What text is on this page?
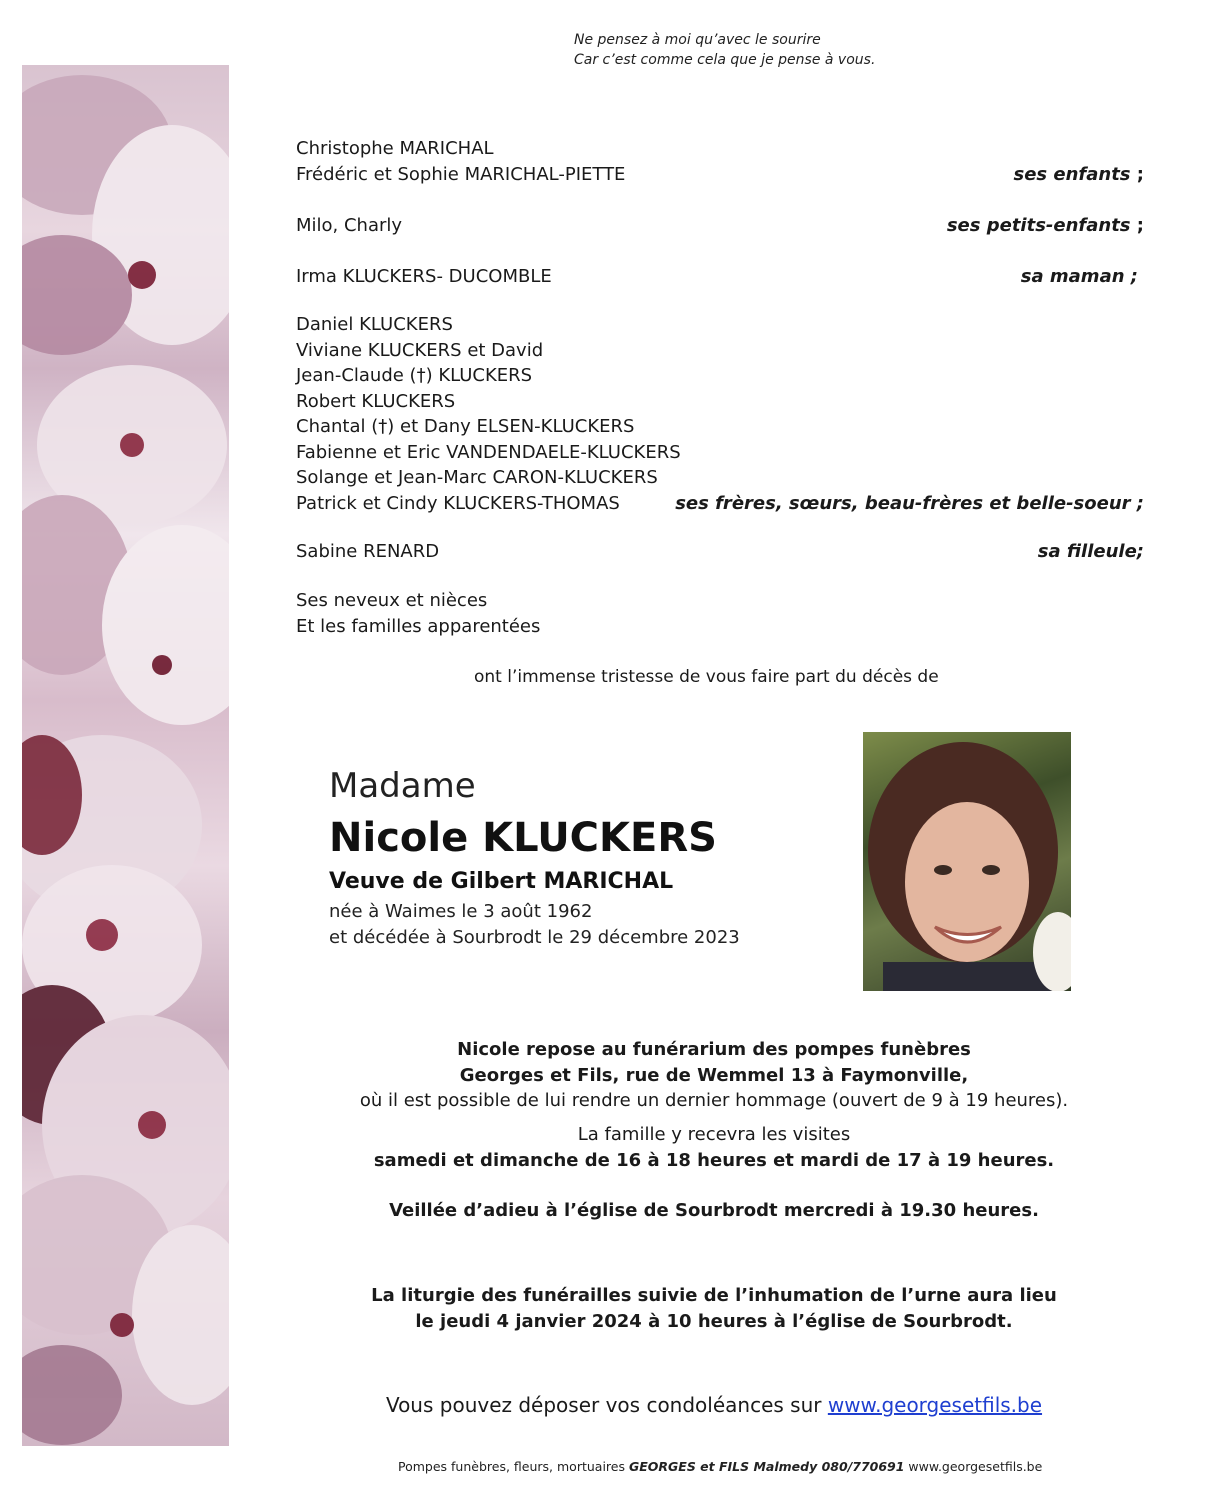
Ne pensez à moi qu’avec le sourire
Car c’est comme cela que je pense à vous.
Christophe MARICHAL
Frédéric et Sophie MARICHAL-PIETTE	ses enfants ;
Milo, Charly	ses petits-enfants ;
Irma KLUCKERS- DUCOMBLE	sa maman ;
Daniel KLUCKERS
Viviane KLUCKERS et David
Jean-Claude (†) KLUCKERS
Robert KLUCKERS
Chantal (†) et Dany ELSEN-KLUCKERS
Fabienne et Eric VANDENDAELE-KLUCKERS
Solange et Jean-Marc CARON-KLUCKERS
Patrick et Cindy KLUCKERS-THOMAS	ses frères, sœurs, beau-frères et belle-soeur ;
Sabine RENARD	sa filleule;
Ses neveux et nièces
Et les familles apparentées
ont l’immense tristesse de vous faire part du décès de
Madame
Nicole KLUCKERS
Veuve de Gilbert MARICHAL
née à Waimes le 3 août 1962
et décédée à Sourbrodt le 29 décembre 2023
Nicole repose au funérarium des pompes funèbres
Georges et Fils, rue de Wemmel 13 à Faymonville,
où il est possible de lui rendre un dernier hommage (ouvert de 9 à 19 heures).
La famille y recevra les visites
samedi et dimanche de 16 à 18 heures et mardi de 17 à 19 heures.
Veillée d’adieu à l’église de Sourbrodt mercredi à 19.30 heures.
La liturgie des funérailles suivie de l’inhumation de l’urne aura lieu
le jeudi 4 janvier 2024 à 10 heures à l’église de Sourbrodt.
Vous pouvez déposer vos condoléances sur www.georgesetfils.be
Pompes funèbres, fleurs, mortuaires GEORGES et FILS Malmedy 080/770691 www.georgesetfils.be
